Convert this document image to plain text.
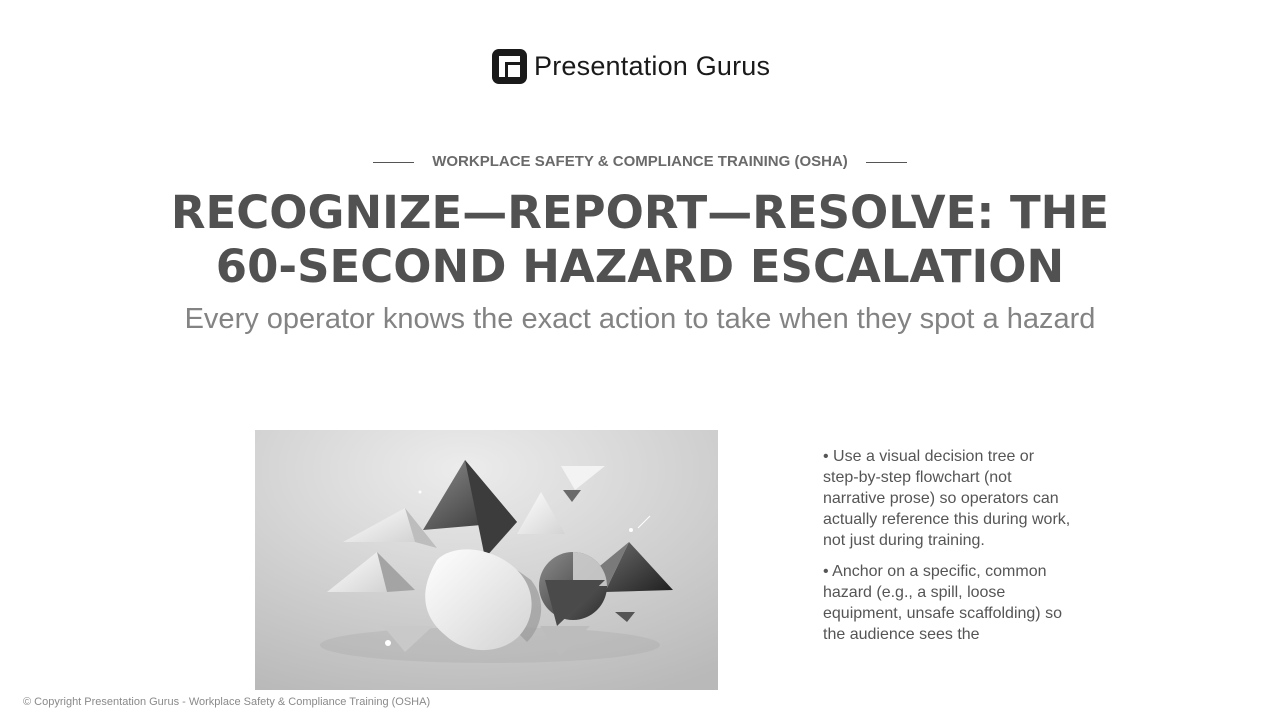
Presentation Gurus
WORKPLACE SAFETY & COMPLIANCE TRAINING (OSHA)
RECOGNIZE—REPORT—RESOLVE: THE 60-SECOND HAZARD ESCALATION
Every operator knows the exact action to take when they spot a hazard

• Use a visual decision tree or step-by-step flowchart (not narrative prose) so operators can actually reference this during work, not just during training.

• Anchor on a specific, common hazard (e.g., a spill, loose equipment, unsafe scaffolding) so the audience sees the

© Copyright Presentation Gurus - Workplace Safety & Compliance Training (OSHA)
